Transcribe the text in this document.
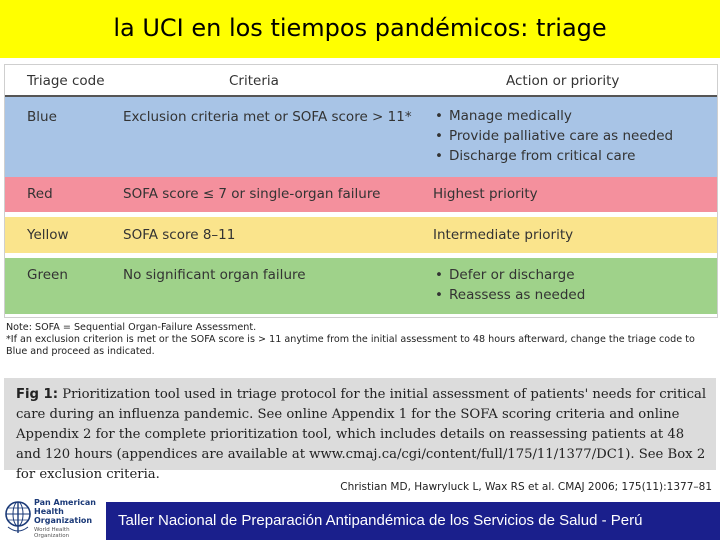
la UCI en los tiempos pandémicos: triage
Triage code	Criteria	Action or priority
Blue	Exclusion criteria met or SOFA score > 11*	• Manage medically
• Provide palliative care as needed
• Discharge from critical care
Red	SOFA score ≤ 7 or single-organ failure	Highest priority
Yellow	SOFA score 8–11	Intermediate priority
Green	No significant organ failure	• Defer or discharge
• Reassess as needed
Note: SOFA = Sequential Organ-Failure Assessment.
*If an exclusion criterion is met or the SOFA score is > 11 anytime from the initial assessment to 48 hours afterward, change the triage code to Blue and proceed as indicated.
Fig 1: Prioritization tool used in triage protocol for the initial assessment of patients' needs for critical care during an influenza pandemic. See online Appendix 1 for the SOFA scoring criteria and online Appendix 2 for the complete prioritization tool, which includes details on reassessing patients at 48 and 120 hours (appendices are available at www.cmaj.ca/cgi/content/full/175/11/1377/DC1). See Box 2 for exclusion criteria.
Christian MD, Hawryluck L, Wax RS et al. CMAJ 2006; 175(11):1377–81
Pan American
Health
Organization
World Health Organization
Taller Nacional de Preparación Antipandémica de los Servicios de Salud - Perú
